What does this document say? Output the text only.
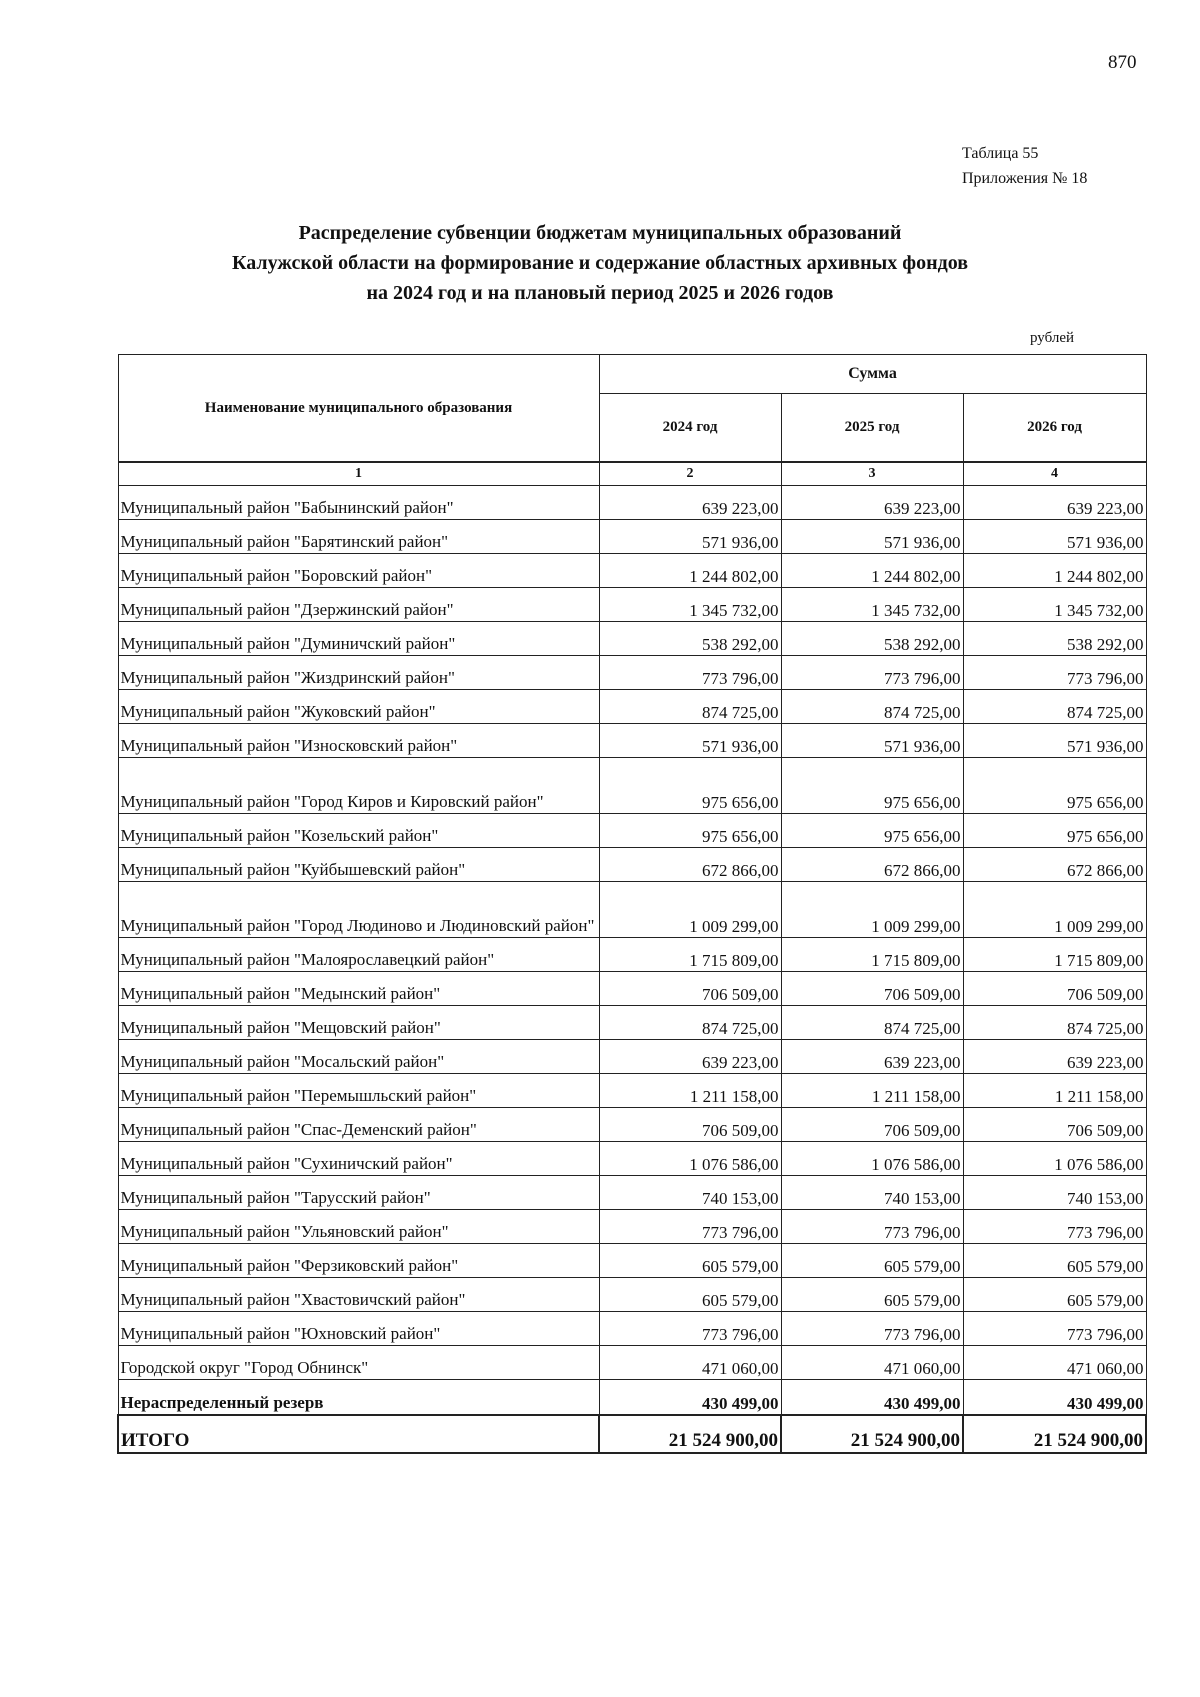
870
Таблица 55
Приложения № 18
Распределение субвенции бюджетам муниципальных образований
Калужской области на формирование и содержание областных архивных фондов
на 2024 год и на плановый период 2025 и 2026 годов
рублей
Наименование муниципального образования	Сумма		
	2024 год	2025 год	2026 год
1	2	3	4
Муниципальный район "Бабынинский район"	639 223,00	639 223,00	639 223,00
Муниципальный район "Барятинский район"	571 936,00	571 936,00	571 936,00
Муниципальный район "Боровский район"	1 244 802,00	1 244 802,00	1 244 802,00
Муниципальный район "Дзержинский район"	1 345 732,00	1 345 732,00	1 345 732,00
Муниципальный район "Думиничский район"	538 292,00	538 292,00	538 292,00
Муниципальный район "Жиздринский район"	773 796,00	773 796,00	773 796,00
Муниципальный район "Жуковский район"	874 725,00	874 725,00	874 725,00
Муниципальный район "Износковский район"	571 936,00	571 936,00	571 936,00
Муниципальный район "Город Киров и Кировский район"	975 656,00	975 656,00	975 656,00
Муниципальный район "Козельский район"	975 656,00	975 656,00	975 656,00
Муниципальный район "Куйбышевский район"	672 866,00	672 866,00	672 866,00
Муниципальный район "Город Людиново и Людиновский район"	1 009 299,00	1 009 299,00	1 009 299,00
Муниципальный район "Малоярославецкий район"	1 715 809,00	1 715 809,00	1 715 809,00
Муниципальный район "Медынский район"	706 509,00	706 509,00	706 509,00
Муниципальный район "Мещовский район"	874 725,00	874 725,00	874 725,00
Муниципальный район "Мосальский район"	639 223,00	639 223,00	639 223,00
Муниципальный район "Перемышльский район"	1 211 158,00	1 211 158,00	1 211 158,00
Муниципальный район "Спас-Деменский район"	706 509,00	706 509,00	706 509,00
Муниципальный район "Сухиничский район"	1 076 586,00	1 076 586,00	1 076 586,00
Муниципальный район "Тарусский район"	740 153,00	740 153,00	740 153,00
Муниципальный район "Ульяновский район"	773 796,00	773 796,00	773 796,00
Муниципальный район "Ферзиковский район"	605 579,00	605 579,00	605 579,00
Муниципальный район "Хвастовичский район"	605 579,00	605 579,00	605 579,00
Муниципальный район "Юхновский район"	773 796,00	773 796,00	773 796,00
Городской округ "Город Обнинск"	471 060,00	471 060,00	471 060,00
Нераспределенный резерв	430 499,00	430 499,00	430 499,00
ИТОГО	21 524 900,00	21 524 900,00	21 524 900,00
